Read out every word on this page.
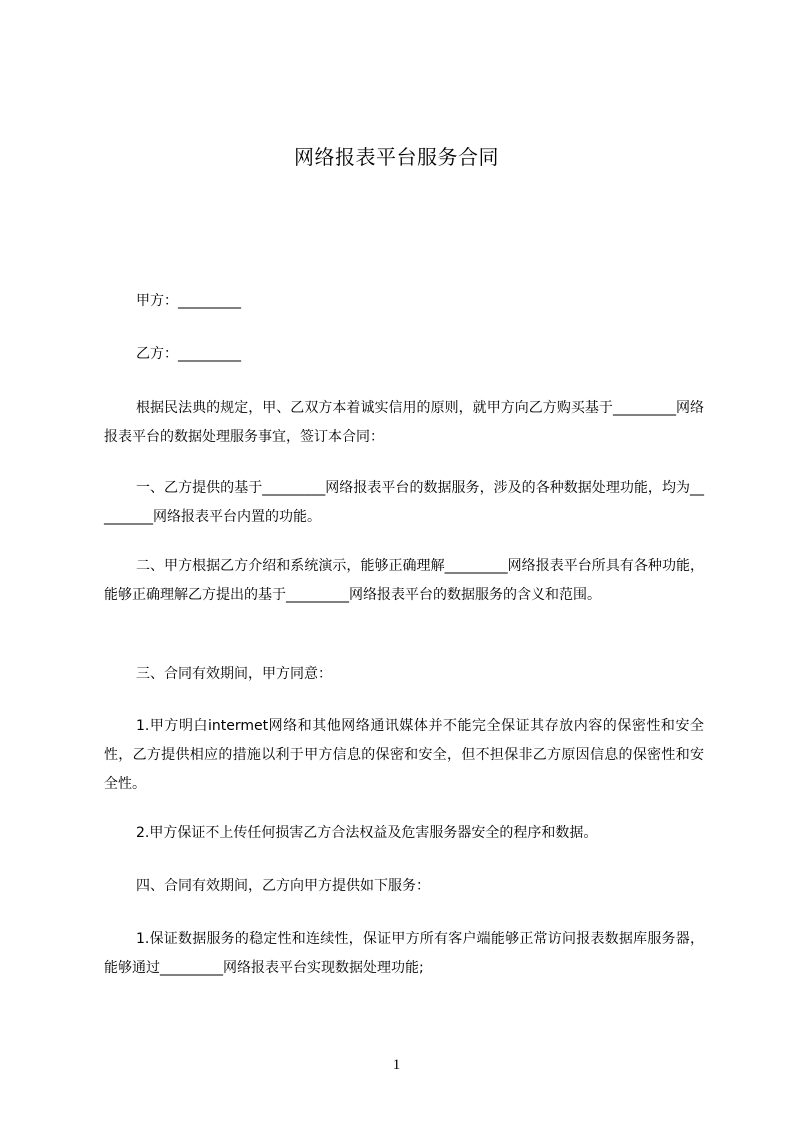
网络报表平台服务合同
甲方：_________
乙方：_________

根据民法典的规定，甲、乙双方本着诚实信用的原则，就甲方向乙方购买基于_________网络报表平台的数据处理服务事宜，签订本合同：

一、乙方提供的基于_________网络报表平台的数据服务，涉及的各种数据处理功能，均为_________网络报表平台内置的功能。

二、甲方根据乙方介绍和系统演示，能够正确理解_________网络报表平台所具有各种功能，能够正确理解乙方提出的基于_________网络报表平台的数据服务的含义和范围。

三、合同有效期间，甲方同意：

1.甲方明白intermet网络和其他网络通讯媒体并不能完全保证其存放内容的保密性和安全性，乙方提供相应的措施以利于甲方信息的保密和安全，但不担保非乙方原因信息的保密性和安全性。

2.甲方保证不上传任何损害乙方合法权益及危害服务器安全的程序和数据。

四、合同有效期间，乙方向甲方提供如下服务：

1.保证数据服务的稳定性和连续性，保证甲方所有客户端能够正常访问报表数据库服务器，能够通过_________网络报表平台实现数据处理功能;

1
